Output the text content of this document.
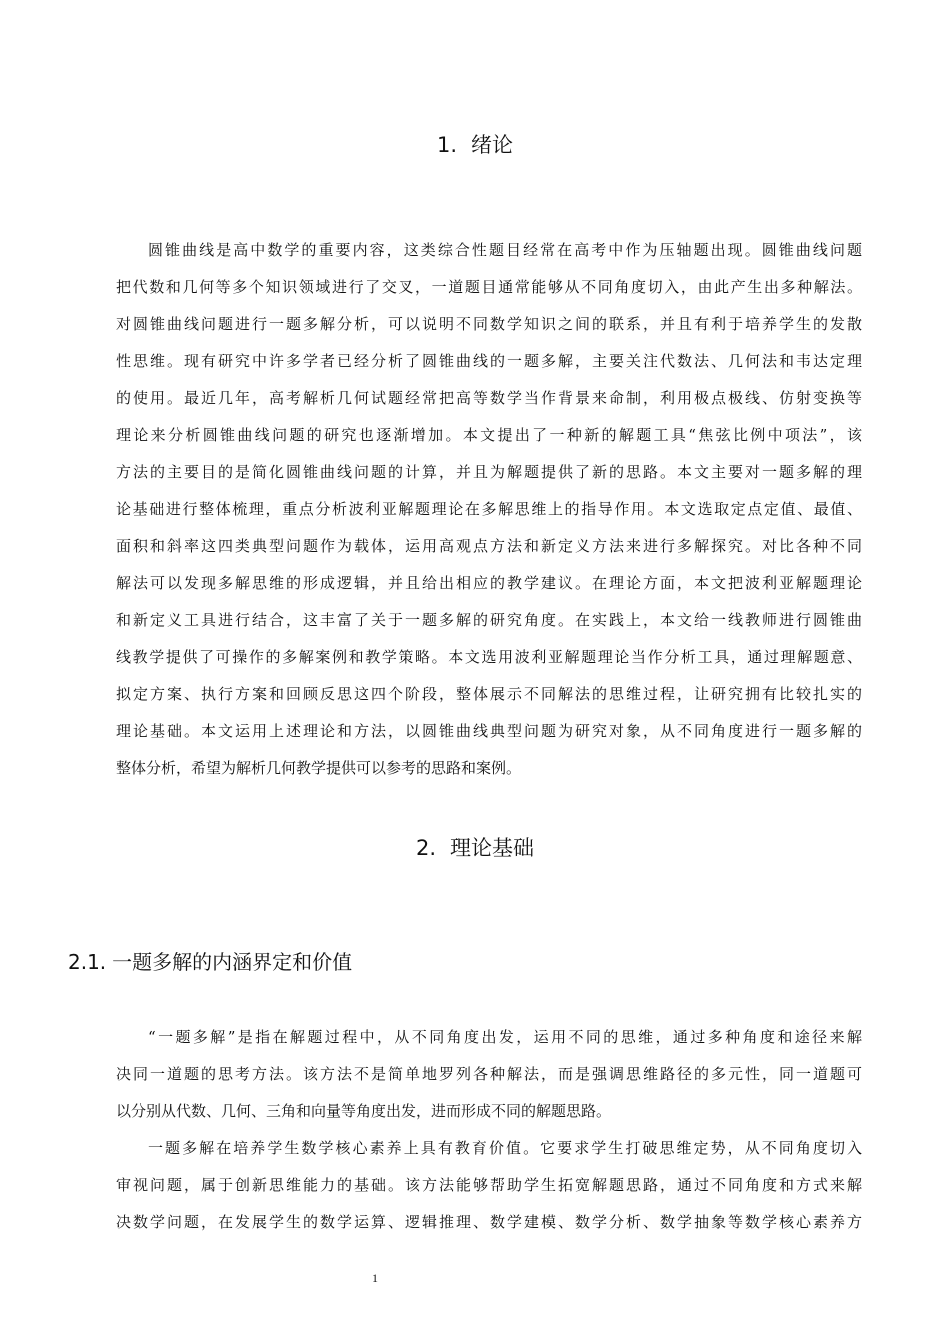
1. 绪论
圆锥曲线是高中数学的重要内容，这类综合性题目经常在高考中作为压轴题出现。圆锥曲线问题
把代数和几何等多个知识领域进行了交叉，一道题目通常能够从不同角度切入，由此产生出多种解法。
对圆锥曲线问题进行一题多解分析，可以说明不同数学知识之间的联系，并且有利于培养学生的发散
性思维。现有研究中许多学者已经分析了圆锥曲线的一题多解，主要关注代数法、几何法和韦达定理
的使用。最近几年，高考解析几何试题经常把高等数学当作背景来命制，利用极点极线、仿射变换等
理论来分析圆锥曲线问题的研究也逐渐增加。本文提出了一种新的解题工具“焦弦比例中项法”，该
方法的主要目的是简化圆锥曲线问题的计算，并且为解题提供了新的思路。本文主要对一题多解的理
论基础进行整体梳理，重点分析波利亚解题理论在多解思维上的指导作用。本文选取定点定值、最值、
面积和斜率这四类典型问题作为载体，运用高观点方法和新定义方法来进行多解探究。对比各种不同
解法可以发现多解思维的形成逻辑，并且给出相应的教学建议。在理论方面，本文把波利亚解题理论
和新定义工具进行结合，这丰富了关于一题多解的研究角度。在实践上，本文给一线教师进行圆锥曲
线教学提供了可操作的多解案例和教学策略。本文选用波利亚解题理论当作分析工具，通过理解题意、
拟定方案、执行方案和回顾反思这四个阶段，整体展示不同解法的思维过程，让研究拥有比较扎实的
理论基础。本文运用上述理论和方法，以圆锥曲线典型问题为研究对象，从不同角度进行一题多解的
整体分析，希望为解析几何教学提供可以参考的思路和案例。
2. 理论基础
2.1. 一题多解的内涵界定和价值
“一题多解”是指在解题过程中，从不同角度出发，运用不同的思维，通过多种角度和途径来解
决同一道题的思考方法。该方法不是简单地罗列各种解法，而是强调思维路径的多元性，同一道题可
以分别从代数、几何、三角和向量等角度出发，进而形成不同的解题思路。
一题多解在培养学生数学核心素养上具有教育价值。它要求学生打破思维定势，从不同角度切入
审视问题，属于创新思维能力的基础。该方法能够帮助学生拓宽解题思路，通过不同角度和方式来解
决数学问题，在发展学生的数学运算、逻辑推理、数学建模、数学分析、数学抽象等数学核心素养方
1
